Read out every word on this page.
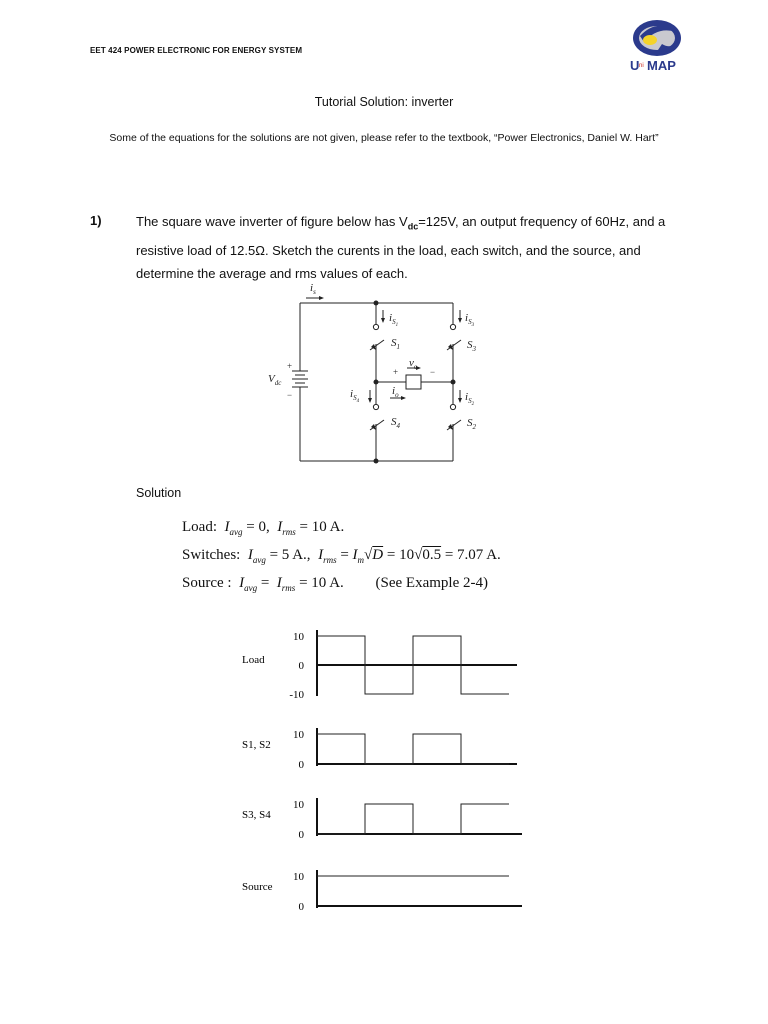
EET 424 POWER ELECTRONIC FOR ENERGY SYSTEM
U ni MAP
Tutorial Solution: inverter
Some of the equations for the solutions are not given, please refer to the textbook, “Power Electronics, Daniel W. Hart”
1)	The square wave inverter of figure below has $V_{dc}=125V$, an output frequency of 60Hz, and a resistive load of 12.5Ω. Sketch the curents in the load, each switch, and the source, and determine the average and rms values of each.
$i_s$
$V_{dc}$
+
−
$i_S1$
$i_S3$
$i_S4$	$i_S2$
$S_1$	$S_3$
$S_4$	$S_2$
$v_o$
$i_o$
+	−
Solution
Load: $I_{avg} = 0$, $I_{rms} = 10$ A.
Switches: $I_{avg} = 5$ A., $I_{rms} = I_m√D = 10√0.5 = 7.07$ A.
Source : $I_{avg} = I_{rms} = 10$ A. (See Example 2-4)
Load
10
0
-10
S1, S2
10
0
S3, S4
10
0
Source
10
0
